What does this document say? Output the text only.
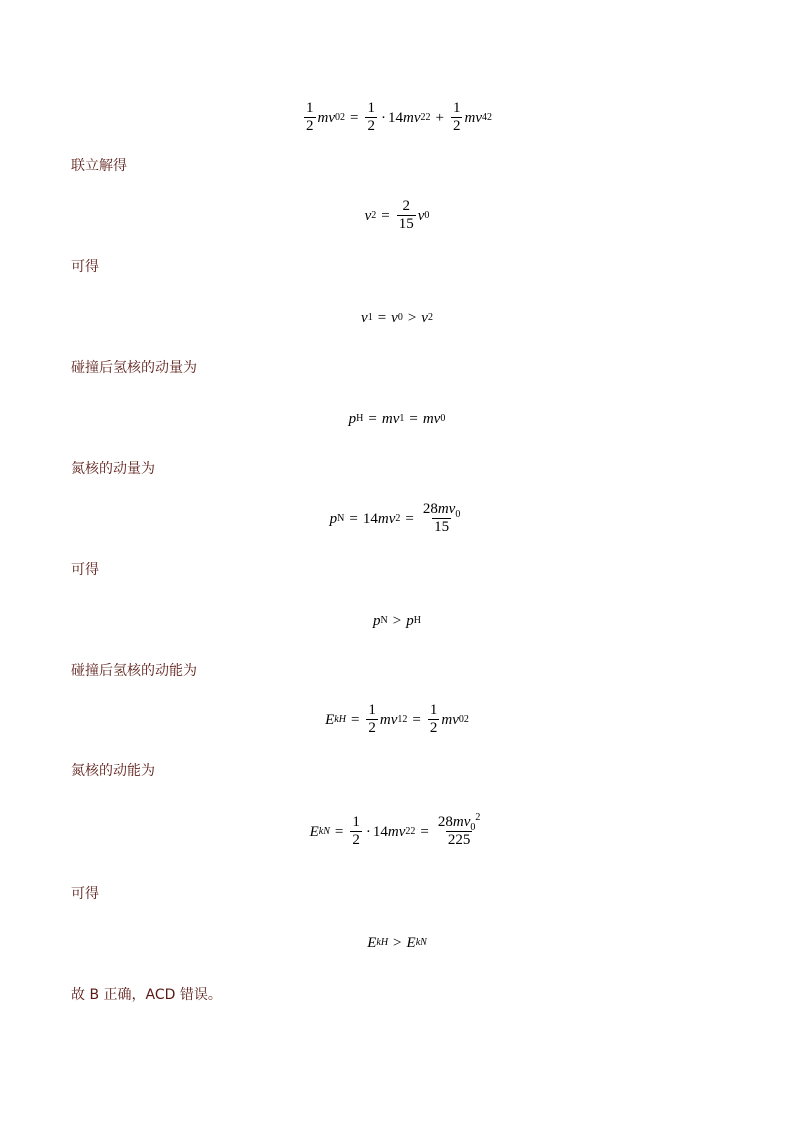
$\frac{1}{2}$ m v 0 $2 = \frac{1}{2} \cdot 14$ m v 2 $2 + \frac{1}{2}$ m v 4 2
联立解得
v $2 = \frac{2}{15}$ v 0
可得
v 1 = v 0 > v 2
碰撞后氢核的动量为
p H = m v 1 = m v 0
氮核的动量为
p N = 14 m v $2 = \frac{28mv_0}{15}$
可得
p N > p H
碰撞后氢核的动能为
E kH = $\frac{1}{2}$ m v 1 $2 = \frac{1}{2}$ m v 0 2
氮核的动能为
E kN = $\frac{1}{2} \cdot 14$ m v 2 $2 = \frac{28mv_0^2}{225}$
可得
E kH > E kN
故 B 正确，ACD 错误。
